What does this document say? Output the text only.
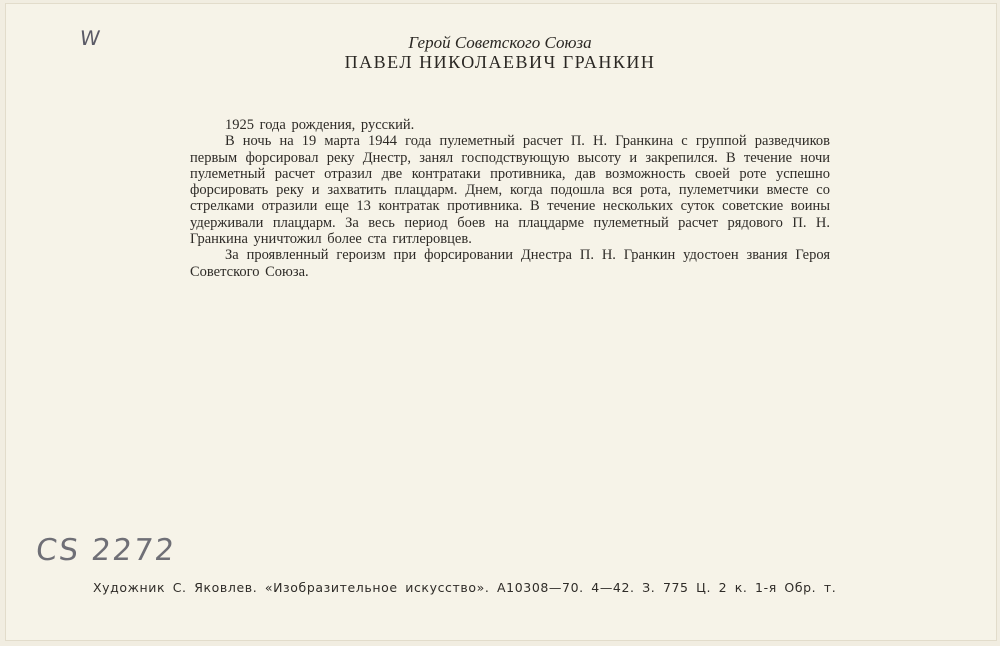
W	Герой Советского Союза
ПАВЕЛ НИКОЛАЕВИЧ ГРАНКИН

1925 года рождения, русский.

В ночь на 19 марта 1944 года пулеметный расчет П. Н. Гранкина с группой разведчиков первым форсировал реку Днестр, занял господствующую высоту и закрепился. В течение ночи пулеметный расчет отразил две контратаки противника, дав возможность своей роте успешно форсировать реку и захватить плацдарм. Днем, когда подошла вся рота, пулеметчики вместе со стрелками отразили еще 13 контратак противника. В течение нескольких суток советские воины удерживали плацдарм. За весь период боев на плацдарме пулеметный расчет рядового П. Н. Гранкина уничтожил более ста гитлеровцев.

За проявленный героизм при форсировании Днестра П. Н. Гранкин удостоен звания Героя Советского Союза.

CS 2272
Художник С. Яковлев. «Изобразительное искусство». А10308—70. 4—42. З. 775 Ц. 2 к. 1-я Обр. т.
